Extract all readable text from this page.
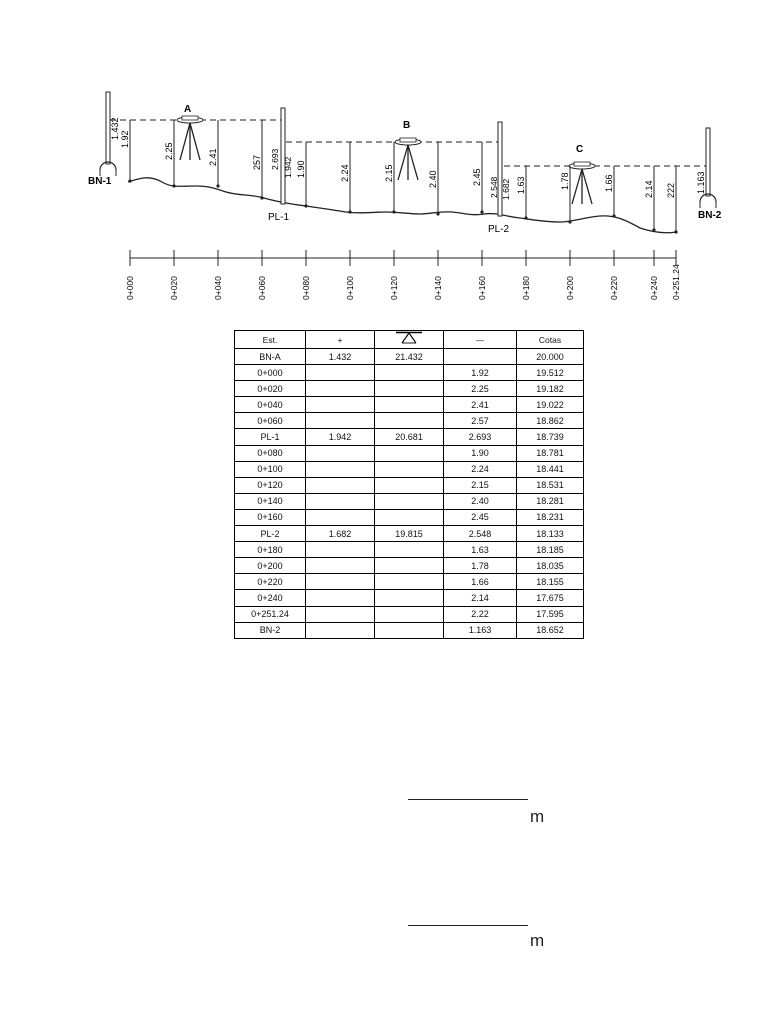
BN-1
1.432
BN-2
1.163
A
B
C
PL-1
1.942
2.693
PL-2
2.548 1.682
1.92
2.25	2.41	257	1.90	2.24	2.15	2.40	2.45	1.63	1.78	1.66	2.14 222
0+000	0+020	0+040	0+060	0+080	0+100	0+120	0+140	0+160	0+180	0+200	0+220	0+240 0+251.24
Est.	+		—	Cotas
BN-A	1.432	21.432		20.000
0+000			1.92	19.512
0+020			2.25	19.182
0+040			2.41	19.022
0+060			2.57	18.862
PL-1	1.942	20.681	2.693	18.739
0+080			1.90	18.781
0+100			2.24	18.441
0+120			2.15	18.531
0+140			2.40	18.281
0+160			2.45	18.231
PL-2	1.682	19.815	2.548	18.133
0+180			1.63	18.185
0+200			1.78	18.035
0+220			1.66	18.155
0+240			2.14	17.675
0+251.24			2.22	17.595
BN-2			1.163	18.652
m
m
